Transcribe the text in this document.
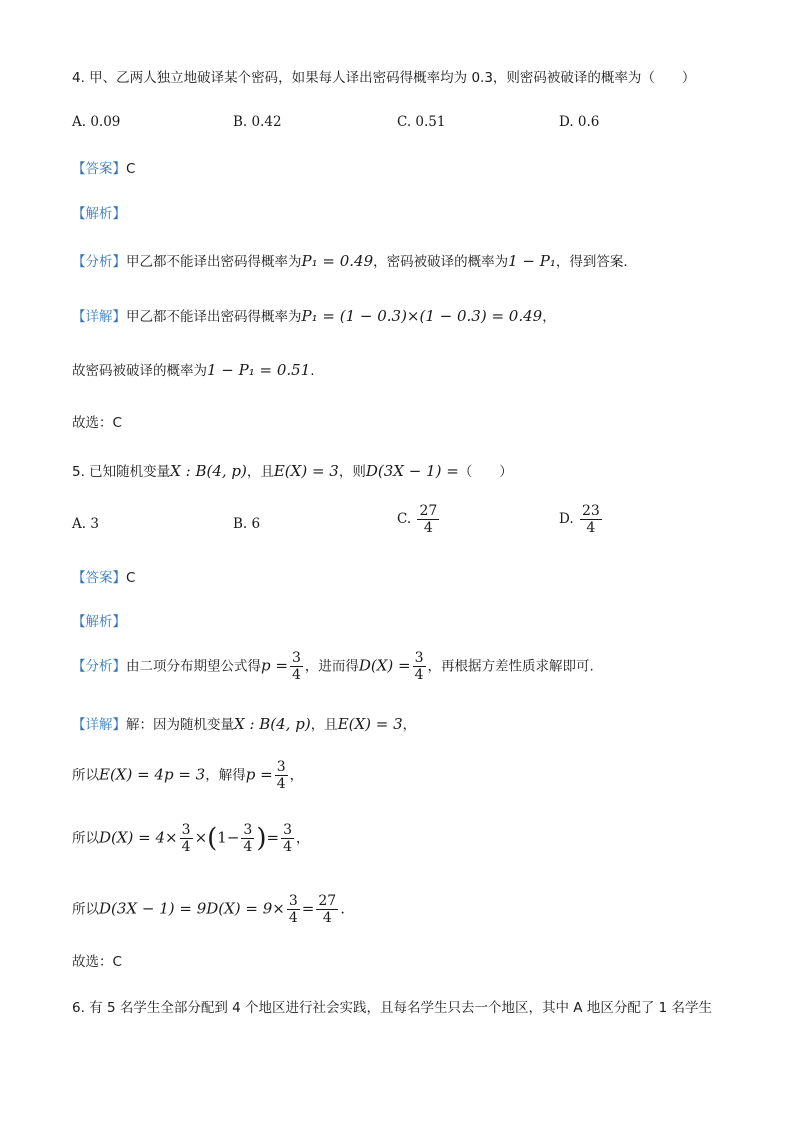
4. 甲、乙两人独立地破译某个密码，如果每人译出密码得概率均为 0.3，则密码被破译的概率为（　　）
A. 0.09	B. 0.42	C. 0.51	D. 0.6
【答案】C
【解析】
【分析】甲乙都不能译出密码得概率为P₁ = 0.49，密码被破译的概率为1 − P₁，得到答案.
【详解】甲乙都不能译出密码得概率为P₁ = (1 − 0.3)×(1 − 0.3) = 0.49，
故密码被破译的概率为1 − P₁ = 0.51.
故选：C
5. 已知随机变量X : B(4, p)，且E(X) = 3，则D(3X − 1) =（　　）
A. 3	B. 6	C. $\frac{27}{4}$	D. $\frac{23}{4}$
【答案】C
【解析】
【分析】由二项分布期望公式得$p = \frac{3}{4}$ ，进而得$D(X) = \frac{3}{4}$ ，再根据方差性质求解即可.
【详解】解：因为随机变量X : B(4, p)，且E(X) = 3，
所以E(X) = 4p = 3，解得$p = \frac{3}{4}$ ，
所以$D(X) = 4\times \frac{3}{4} \times(1- \frac{3}{4}$ )= $\frac{3}{4}$ ，
所以$D(3X - 1) = 9D(X) = 9\times \frac{3}{4} = \frac{27}{4}$ .
故选：C
6. 有 5 名学生全部分配到 4 个地区进行社会实践，且每名学生只去一个地区，其中 A 地区分配了 1 名学生
